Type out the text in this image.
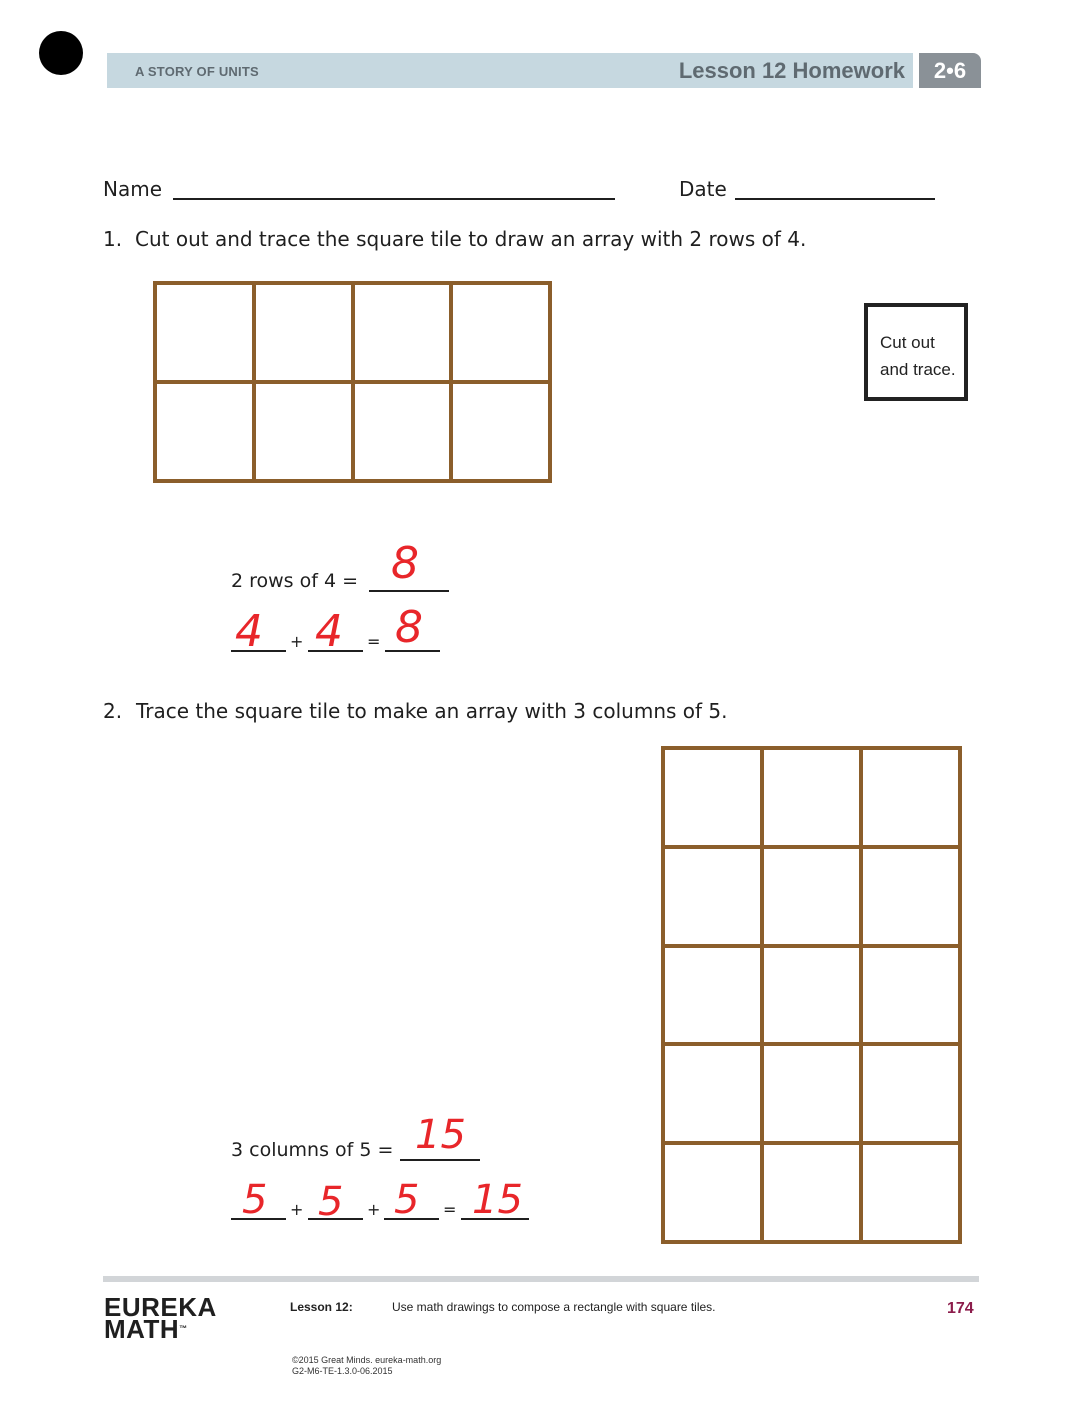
A STORY OF UNITS	Lesson 12 Homework	2•6
Name	Date
1. Cut out and trace the square tile to draw an array with 2 rows of 4.
Cut out
and trace.
2 rows of 4 = 8
4 + 4 = 8
2. Trace the square tile to make an array with 3 columns of 5.
3 columns of 5 = 15
5 + 5 + 5 = 15
EUREKA
MATH™
Lesson 12:	Use math drawings to compose a rectangle with square tiles.	174
©2015 Great Minds. eureka-math.org
G2-M6-TE-1.3.0-06.2015
